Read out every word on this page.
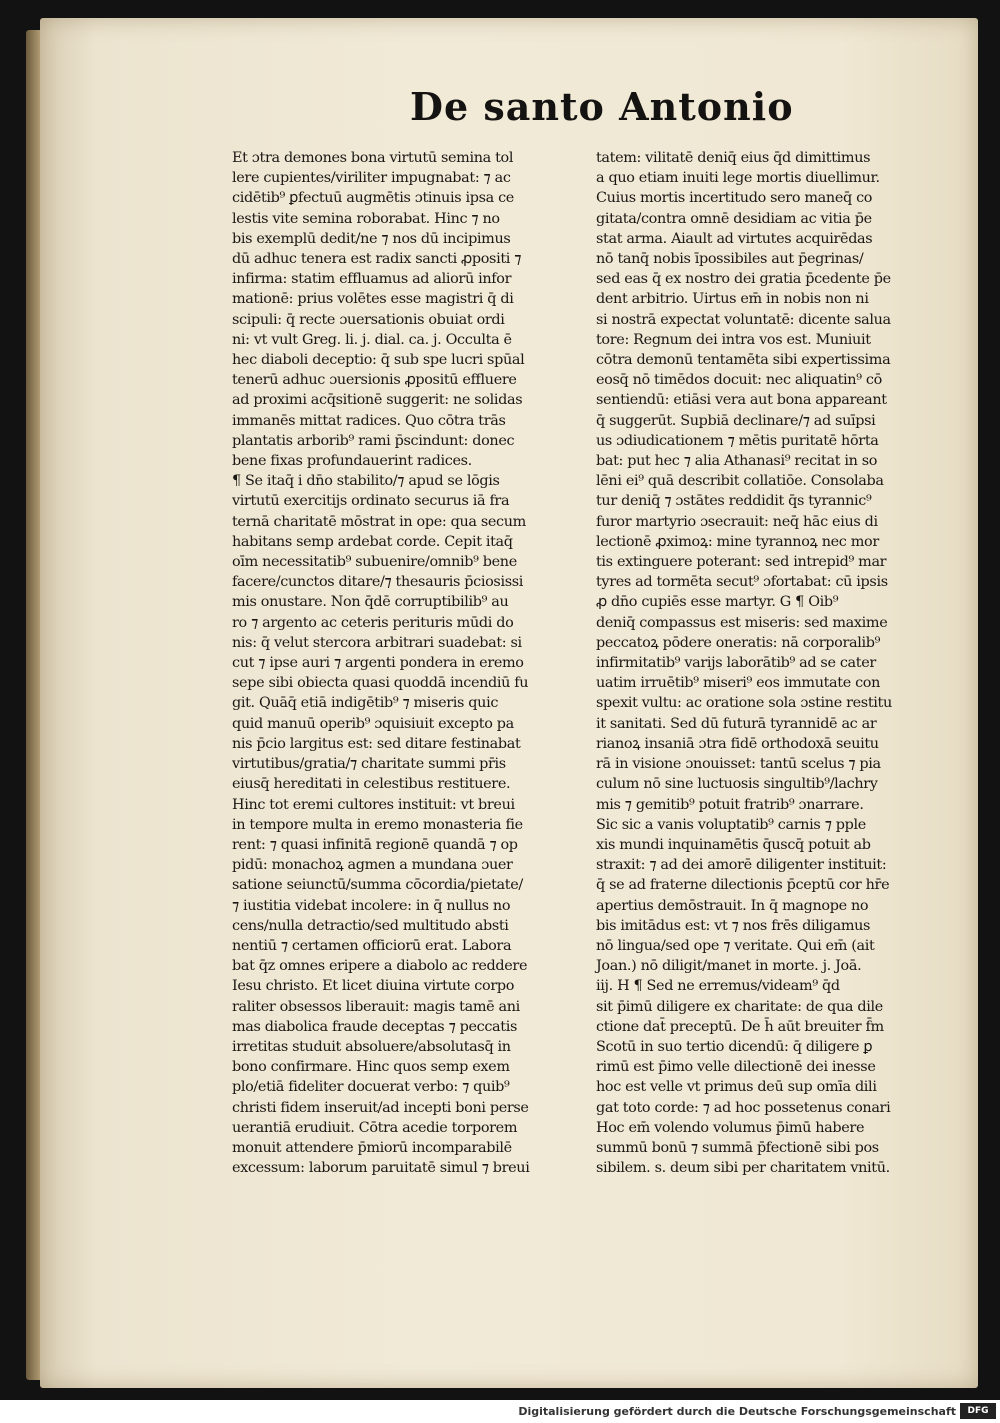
De santo Antonio
Et ɔtra demones bona virtutū semina tol
lere cupientes/viriliter impugnabat: ⁊ ac
cidētib⁹ ꝑfectuū augmētis ɔtinuis ipsa ce
lestis vite semina roborabat. Hinc ⁊ no
bis exemplū dedit/ne ⁊ nos dū incipimus
dū adhuc tenera est radix sancti ꝓpositi ⁊
infirma: statim effluamus ad aliorū infor
mationē: prius volētes esse magistri q̄ di
scipuli: q̄ recte ɔuersationis obuiat ordi
ni: vt vult Greg. li. j. dial. ca. j. Occulta ē
hec diaboli deceptio: q̄ sub spe lucri spūal
tenerū adhuc ɔuersionis ꝓpositū effluere
ad proximi acq̄sitionē suggerit: ne solidas
immanēs mittat radices. Quo cōtra trās
plantatis arborib⁹ rami p̄scindunt: donec
bene fixas profundauerint radices.
¶ Se itaq̄ i dn̄o stabilito/⁊ apud se lōgis
virtutū exercitijs ordinato securus iā fra
ternā charitatē mōstrat in ope: qua secum
habitans semp ardebat corde. Cepit itaq̄
oīm necessitatib⁹ subuenire/omnib⁹ bene
facere/cunctos ditare/⁊ thesauris p̄ciosissi
mis onustare. Non q̄dē corruptibilib⁹ au
ro ⁊ argento ac ceteris perituris mūdi do
nis: q̄ velut stercora arbitrari suadebat: si
cut ⁊ ipse auri ⁊ argenti pondera in eremo
sepe sibi obiecta quasi quoddā incendiū fu
git. Quāq̄ etiā indigētib⁹ ⁊ miseris quic
quid manuū operib⁹ ɔquisiuit excepto pa
nis p̄cio largitus est: sed ditare festinabat
virtutibus/gratia/⁊ charitate summi pr̄is
eiusq̄ hereditati in celestibus restituere.
Hinc tot eremi cultores instituit: vt breui
in tempore multa in eremo monasteria fie
rent: ⁊ quasi infinitā regionē quandā ⁊ op
pidū: monachoꝝ agmen a mundana ɔuer
satione seiunctū/summa cōcordia/pietate/
⁊ iustitia videbat incolere: in q̄ nullus no
cens/nulla detractio/sed multitudo absti
nentiū ⁊ certamen officiorū erat. Labora
bat q̄z omnes eripere a diabolo ac reddere
Iesu christo. Et licet diuina virtute corpo
raliter obsessos liberauit: magis tamē ani
mas diabolica fraude deceptas ⁊ peccatis
irretitas studuit absoluere/absolutasq̄ in
bono confirmare. Hinc quos semp exem
plo/etiā fideliter docuerat verbo: ⁊ quib⁹
christi fidem inseruit/ad incepti boni perse
uerantiā erudiuit. Cōtra acedie torporem
monuit attendere p̄miorū incomparabilē
excessum: laborum paruitatē simul ⁊ breui
tatem: vilitatē deniq̄ eius q̄d dimittimus
a quo etiam inuiti lege mortis diuellimur.
Cuius mortis incertitudo sero maneq̄ co
gitata/contra omnē desidiam ac vitia p̄e
stat arma. Aiault ad virtutes acquirēdas
nō tanq̄ nobis īpossibiles aut p̄egrinas/
sed eas q̄ ex nostro dei gratia p̄cedente p̄e
dent arbitrio. Uirtus em̄ in nobis non ni
si nostrā expectat voluntatē: dicente salua
tore: Regnum dei intra vos est. Muniuit
cōtra demonū tentamēta sibi expertissima
eosq̄ nō timēdos docuit: nec aliquatin⁹ cō
sentiendū: etiāsi vera aut bona appareant
q̄ suggerūt. Supbiā declinare/⁊ ad suīpsi
us ɔdiudicationem ⁊ mētis puritatē hōrta
bat: put hec ⁊ alia Athanasi⁹ recitat in so
lēni ei⁹ quā describit collatiōe. Consolaba
tur deniq̄ ⁊ ɔstātes reddidit q̄s tyrannic⁹
furor martyrio ɔsecrauit: neq̄ hāc eius di
lectionē ꝓximoꝝ: mine tyrannoꝝ nec mor
tis extinguere poterant: sed intrepid⁹ mar
tyres ad tormēta secut⁹ ɔfortabat: cū ipsis
ꝓ dn̄o cupiēs esse martyr. G ¶ Oib⁹
deniq̄ compassus est miseris: sed maxime
peccatoꝝ pōdere oneratis: nā corporalib⁹
infirmitatib⁹ varijs laborātib⁹ ad se cater
uatim irruētib⁹ miseri⁹ eos immutate con
spexit vultu: ac oratione sola ɔstine restitu
it sanitati. Sed dū futurā tyrannidē ac ar
rianoꝝ insaniā ɔtra fidē orthodoxā seuitu
rā in visione ɔnouisset: tantū scelus ⁊ pia
culum nō sine luctuosis singultib⁹/lachry
mis ⁊ gemitib⁹ potuit fratrib⁹ ɔnarrare.
Sic sic a vanis voluptatib⁹ carnis ⁊ pple
xis mundi inquinamētis q̄uscq̄ potuit ab
straxit: ⁊ ad dei amorē diligenter instituit:
q̄ se ad fraterne dilectionis p̄ceptū cor hr̄e
apertius demōstrauit. In q̄ magnope no
bis imitādus est: vt ⁊ nos frēs diligamus
nō lingua/sed ope ⁊ veritate. Qui em̄ (ait
Joan.) nō diligit/manet in morte. j. Joā.
iij. H ¶ Sed ne erremus/videam⁹ q̄d
sit p̄imū diligere ex charitate: de qua dile
ctione dat̄ preceptū. De h̄ aūt breuiter f̄m
Scotū in suo tertio dicendū: q̄ diligere ꝑ
rimū est p̄imo velle dilectionē dei inesse
hoc est velle vt primus deū sup omīa dili
gat toto corde: ⁊ ad hoc possetenus conari
Hoc em̄ volendo volumus p̄imū habere
summū bonū ⁊ summā p̄fectionē sibi pos
sibilem. s. deum sibi per charitatem vnitū.
Digitalisierung gefördert durch die Deutsche Forschungsgemeinschaft	DFG
